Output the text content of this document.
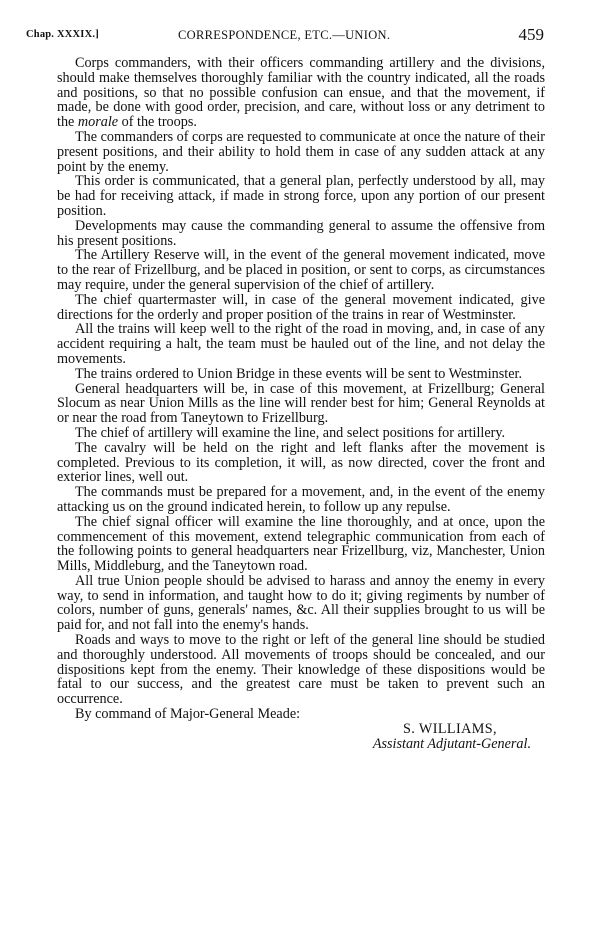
Chap. XXXIX.]	CORRESPONDENCE, ETC.—UNION.	459

Corps commanders, with their officers commanding artillery and the divisions, should make themselves thoroughly familiar with the country indicated, all the roads and positions, so that no possible confusion can ensue, and that the movement, if made, be done with good order, precision, and care, without loss or any detriment to the morale of the troops.

The commanders of corps are requested to communicate at once the nature of their present positions, and their ability to hold them in case of any sudden attack at any point by the enemy.

This order is communicated, that a general plan, perfectly understood by all, may be had for receiving attack, if made in strong force, upon any portion of our present position.

Developments may cause the commanding general to assume the offensive from his present positions.

The Artillery Reserve will, in the event of the general movement indicated, move to the rear of Frizellburg, and be placed in position, or sent to corps, as circumstances may require, under the general supervision of the chief of artillery.

The chief quartermaster will, in case of the general movement indicated, give directions for the orderly and proper position of the trains in rear of Westminster.

All the trains will keep well to the right of the road in moving, and, in case of any accident requiring a halt, the team must be hauled out of the line, and not delay the movements.

The trains ordered to Union Bridge in these events will be sent to Westminster.

General headquarters will be, in case of this movement, at Frizellburg; General Slocum as near Union Mills as the line will render best for him; General Reynolds at or near the road from Taneytown to Frizellburg.

The chief of artillery will examine the line, and select positions for artillery.

The cavalry will be held on the right and left flanks after the movement is completed. Previous to its completion, it will, as now directed, cover the front and exterior lines, well out.

The commands must be prepared for a movement, and, in the event of the enemy attacking us on the ground indicated herein, to follow up any repulse.

The chief signal officer will examine the line thoroughly, and at once, upon the commencement of this movement, extend telegraphic communication from each of the following points to general headquarters near Frizellburg, viz, Manchester, Union Mills, Middleburg, and the Taneytown road.

All true Union people should be advised to harass and annoy the enemy in every way, to send in information, and taught how to do it; giving regiments by number of colors, number of guns, generals' names, &c. All their supplies brought to us will be paid for, and not fall into the enemy's hands.

Roads and ways to move to the right or left of the general line should be studied and thoroughly understood. All movements of troops should be concealed, and our dispositions kept from the enemy. Their knowledge of these dispositions would be fatal to our success, and the greatest care must be taken to prevent such an occurrence.

By command of Major-General Meade:

S. WILLIAMS,

Assistant Adjutant-General.
